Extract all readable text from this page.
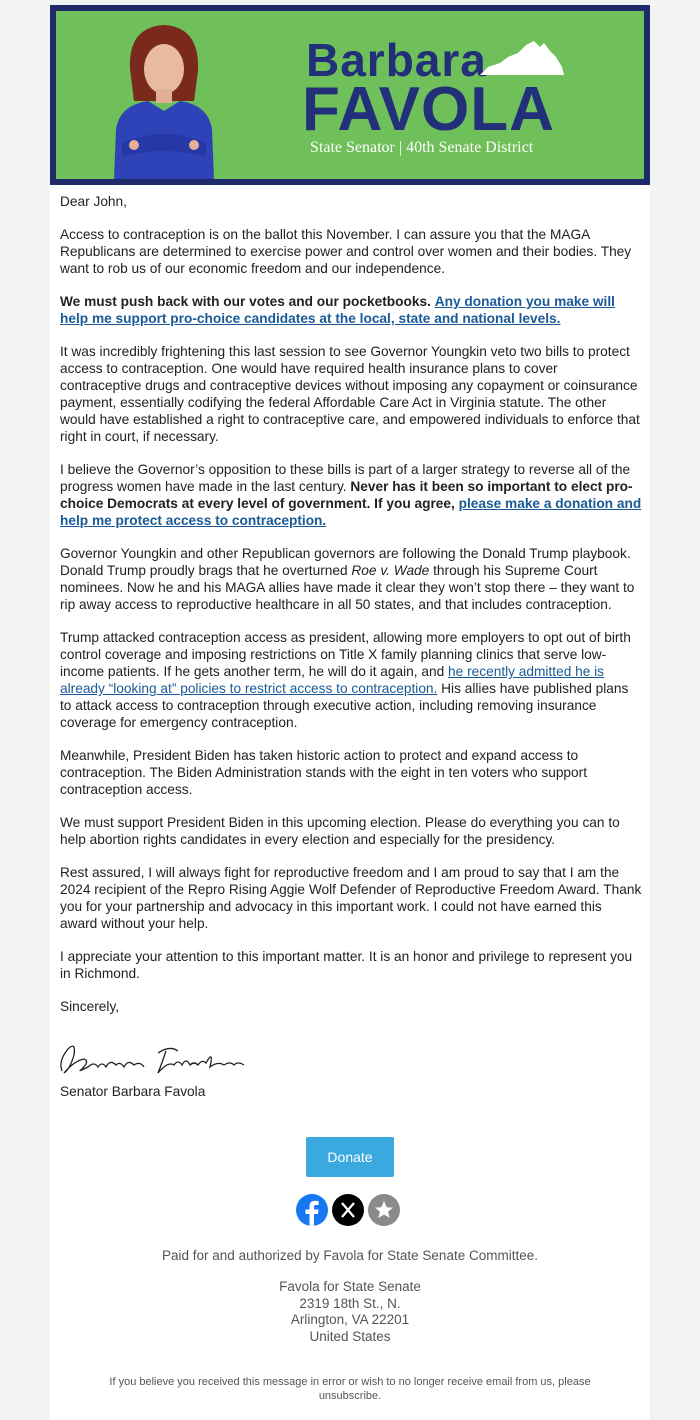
Barbara
FAVOLA
State Senator | 40th Senate District

Dear John,

Access to contraception is on the ballot this November. I can assure you that the MAGA Republicans are determined to exercise power and control over women and their bodies. They want to rob us of our economic freedom and our independence.

We must push back with our votes and our pocketbooks. Any donation you make will help me support pro-choice candidates at the local, state and national levels.

It was incredibly frightening this last session to see Governor Youngkin veto two bills to protect access to contraception. One would have required health insurance plans to cover contraceptive drugs and contraceptive devices without imposing any copayment or coinsurance payment, essentially codifying the federal Affordable Care Act in Virginia statute. The other would have established a right to contraceptive care, and empowered individuals to enforce that right in court, if necessary.

I believe the Governor’s opposition to these bills is part of a larger strategy to reverse all of the progress women have made in the last century. Never has it been so important to elect pro-choice Democrats at every level of government. If you agree, please make a donation and help me protect access to contraception.

Governor Youngkin and other Republican governors are following the Donald Trump playbook. Donald Trump proudly brags that he overturned Roe v. Wade through his Supreme Court nominees. Now he and his MAGA allies have made it clear they won’t stop there – they want to rip away access to reproductive healthcare in all 50 states, and that includes contraception.

Trump attacked contraception access as president, allowing more employers to opt out of birth control coverage and imposing restrictions on Title X family planning clinics that serve low-income patients. If he gets another term, he will do it again, and he recently admitted he is already “looking at” policies to restrict access to contraception. His allies have published plans to attack access to contraception through executive action, including removing insurance coverage for emergency contraception.

Meanwhile, President Biden has taken historic action to protect and expand access to contraception. The Biden Administration stands with the eight in ten voters who support contraception access.

We must support President Biden in this upcoming election. Please do everything you can to help abortion rights candidates in every election and especially for the presidency.

Rest assured, I will always fight for reproductive freedom and I am proud to say that I am the 2024 recipient of the Repro Rising Aggie Wolf Defender of Reproductive Freedom Award. Thank you for your partnership and advocacy in this important work. I could not have earned this award without your help.

I appreciate your attention to this important matter. It is an honor and privilege to represent you in Richmond.

Sincerely,

Senator Barbara Favola

Donate
Paid for and authorized by Favola for State Senate Committee.
Favola for State Senate
2319 18th St., N.
Arlington, VA 22201
United States
If you believe you received this message in error or wish to no longer receive email from us, please unsubscribe.
